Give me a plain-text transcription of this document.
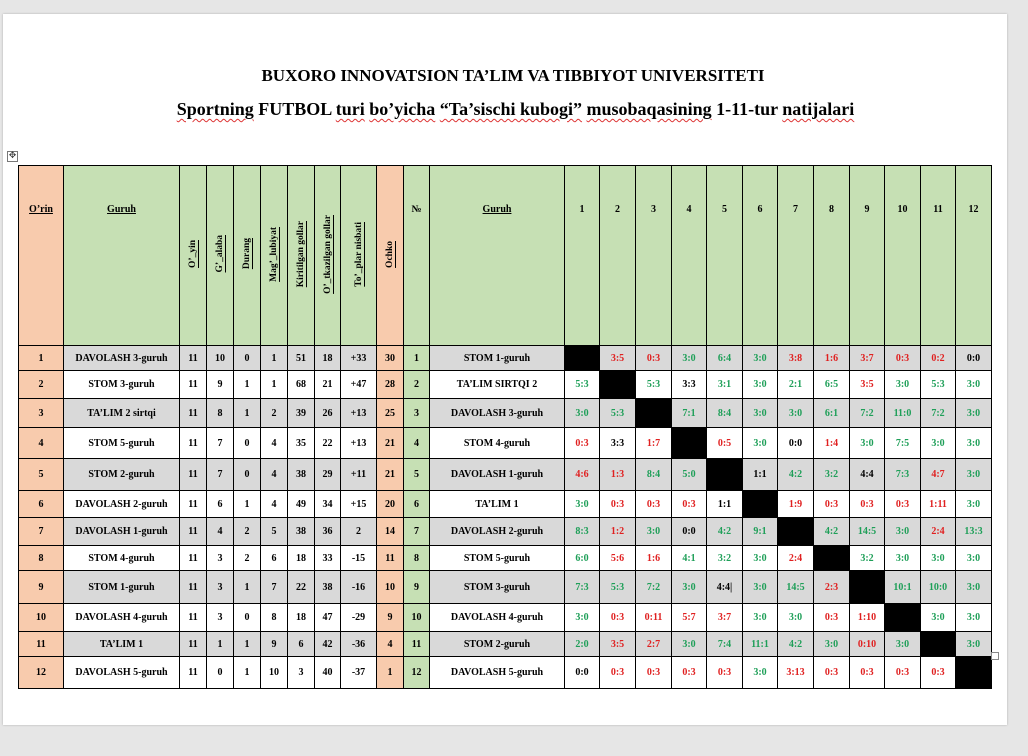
BUXORO INNOVATSION TA’LIM VA TIBBIYOT UNIVERSITETI
Sportning FUTBOL turi bo’yicha “Ta’sischi kubogi” musobaqasining 1-11-tur natijalari
✥
O’rin	Guruh	O’_yin	G’_alaba	Durang	Mag’_lubiyat	Kiritilgan gollar	O’_tkazilgan gollar	To’_plar nisbati	Ochko	№	Guruh	1	2	3	4	5	6	7	8	9	10	11	12
1	DAVOLASH 3-guruh	11	10	0	1	51	18	+33	30	1	STOM 1-guruh		3:5	0:3	3:0	6:4	3:0	3:8	1:6	3:7	0:3	0:2	0:0
2	STOM 3-guruh	11	9	1	1	68	21	+47	28	2	TA’LIM SIRTQI 2	5:3		5:3	3:3	3:1	3:0	2:1	6:5	3:5	3:0	5:3	3:0
3	TA’LIM 2 sirtqi	11	8	1	2	39	26	+13	25	3	DAVOLASH 3-guruh	3:0	5:3		7:1	8:4	3:0	3:0	6:1	7:2	11:0	7:2	3:0
4	STOM 5-guruh	11	7	0	4	35	22	+13	21	4	STOM 4-guruh	0:3	3:3	1:7		0:5	3:0	0:0	1:4	3:0	7:5	3:0	3:0
5	STOM 2-guruh	11	7	0	4	38	29	+11	21	5	DAVOLASH 1-guruh	4:6	1:3	8:4	5:0		1:1	4:2	3:2	4:4	7:3	4:7	3:0
6	DAVOLASH 2-guruh	11	6	1	4	49	34	+15	20	6	TA’LIM 1	3:0	0:3	0:3	0:3	1:1		1:9	0:3	0:3	0:3	1:11	3:0
7	DAVOLASH 1-guruh	11	4	2	5	38	36	2	14	7	DAVOLASH 2-guruh	8:3	1:2	3:0	0:0	4:2	9:1		4:2	14:5	3:0	2:4	13:3
8	STOM 4-guruh	11	3	2	6	18	33	-15	11	8	STOM 5-guruh	6:0	5:6	1:6	4:1	3:2	3:0	2:4		3:2	3:0	3:0	3:0
9	STOM 1-guruh	11	3	1	7	22	38	-16	10	9	STOM 3-guruh	7:3	5:3	7:2	3:0	4:4|	3:0	14:5	2:3		10:1	10:0	3:0
10	DAVOLASH 4-guruh	11	3	0	8	18	47	-29	9	10	DAVOLASH 4-guruh	3:0	0:3	0:11	5:7	3:7	3:0	3:0	0:3	1:10		3:0	3:0
11	TA’LIM 1	11	1	1	9	6	42	-36	4	11	STOM 2-guruh	2:0	3:5	2:7	3:0	7:4	11:1	4:2	3:0	0:10	3:0		3:0
12	DAVOLASH 5-guruh	11	0	1	10	3	40	-37	1	12	DAVOLASH 5-guruh	0:0	0:3	0:3	0:3	0:3	3:0	3:13	0:3	0:3	0:3	0:3	
